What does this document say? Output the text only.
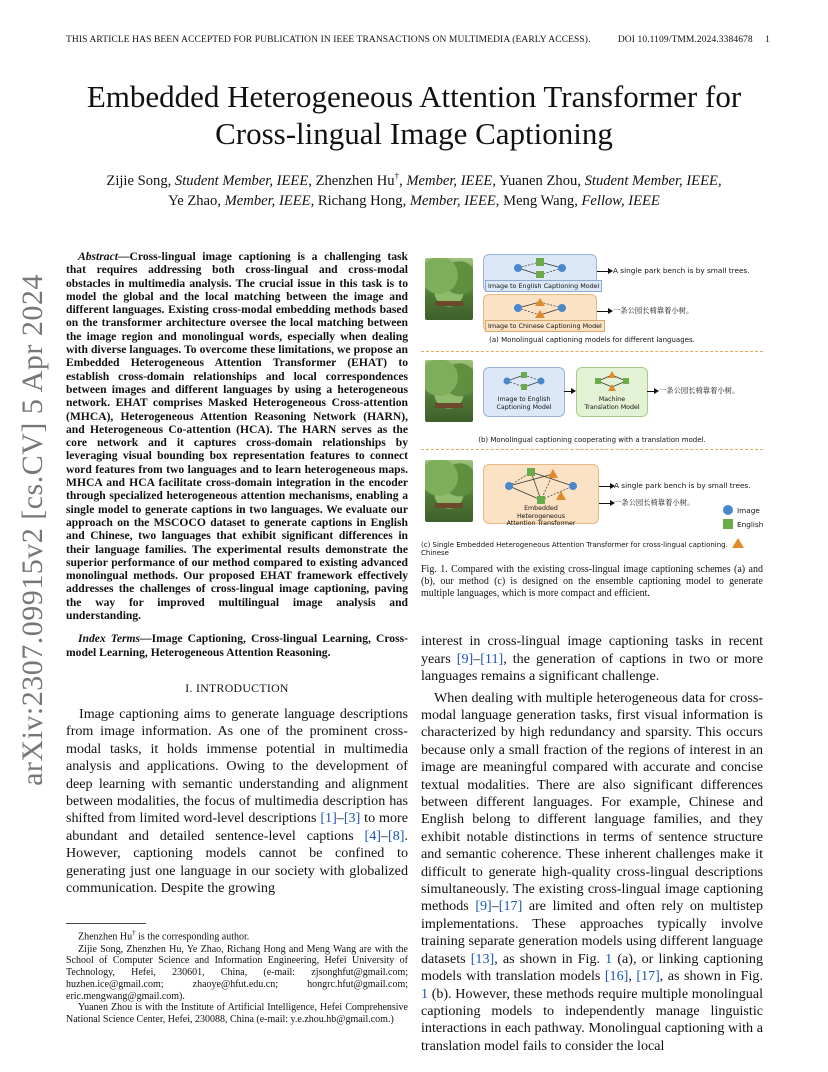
THIS ARTICLE HAS BEEN ACCEPTED FOR PUBLICATION IN IEEE TRANSACTIONS ON MULTIMEDIA (EARLY ACCESS).	DOI 10.1109/TMM.2024.3384678 1
arXiv:2307.09915v2 [cs.CV] 5 Apr 2024
Embedded Heterogeneous Attention Transformer for
Cross-lingual Image Captioning
Zijie Song, Student Member, IEEE, Zhenzhen Hu†, Member, IEEE, Yuanen Zhou, Student Member, IEEE,
Ye Zhao, Member, IEEE, Richang Hong, Member, IEEE, Meng Wang, Fellow, IEEE

Abstract—Cross-lingual image captioning is a challenging task that requires addressing both cross-lingual and cross-modal obstacles in multimedia analysis. The crucial issue in this task is to model the global and the local matching between the image and different languages. Existing cross-modal embedding methods based on the transformer architecture oversee the local matching between the image region and monolingual words, especially when dealing with diverse languages. To overcome these limitations, we propose an Embedded Heterogeneous Attention Transformer (EHAT) to establish cross-domain relationships and local correspondences between images and different languages by using a heterogeneous network. EHAT comprises Masked Heterogeneous Cross-attention (MHCA), Heterogeneous Attention Reasoning Network (HARN), and Heterogeneous Co-attention (HCA). The HARN serves as the core network and it captures cross-domain relationships by leveraging visual bounding box representation features to connect word features from two languages and to learn heterogeneous maps. MHCA and HCA facilitate cross-domain integration in the encoder through specialized heterogeneous attention mechanisms, enabling a single model to generate captions in two languages. We evaluate our approach on the MSCOCO dataset to generate captions in English and Chinese, two languages that exhibit significant differences in their language families. The experimental results demonstrate the superior performance of our method compared to existing advanced monolingual methods. Our proposed EHAT framework effectively addresses the challenges of cross-lingual image captioning, paving the way for improved multilingual image analysis and understanding.

Index Terms—Image Captioning, Cross-lingual Learning, Cross-model Learning, Heterogeneous Attention Reasoning.

I. INTRODUCTION

Image captioning aims to generate language descriptions from image information. As one of the prominent cross-modal tasks, it holds immense potential in multimedia analysis and applications. Owing to the development of deep learning with semantic understanding and alignment between modalities, the focus of multimedia description has shifted from limited word-level descriptions [1]–[3] to more abundant and detailed sentence-level captions [4]–[8]. However, captioning models cannot be confined to generating just one language in our society with globalized communication. Despite the growing

Zhenzhen Hu† is the corresponding author.

Zijie Song, Zhenzhen Hu, Ye Zhao, Richang Hong and Meng Wang are with the School of Computer Science and Information Engineering, Hefei University of Technology, Hefei, 230601, China, (e-mail: zjsonghfut@gmail.com; huzhen.ice@gmail.com; zhaoye@hfut.edu.cn; hongrc.hfut@gmail.com; eric.mengwang@gmail.com).

Yuanen Zhou is with the Institute of Artificial Intelligence, Hefei Comprehensive National Science Center, Hefei, 230088, China (e-mail: y.e.zhou.hb@gmail.com.)

Image to English Captioning Model
A single park bench is by small trees.
Image to Chinese Captioning Model
一条公园长椅靠着小树。
(a) Monolingual captioning models for different languages.
Image to English Captioning Model
Machine Translation Model
一条公园长椅靠着小树。
(b) Monolingual captioning cooperating with a translation model.
Embedded Heterogeneous Attention Transformer
A single park bench is by small trees.
一条公园长椅靠着小树。
Image
English
(c) Single Embedded Heterogeneous Attention Transformer for cross-lingual captioning. Chinese

Fig. 1. Compared with the existing cross-lingual image captioning schemes (a) and (b), our method (c) is designed on the ensemble captioning model to generate multiple languages, which is more compact and efficient.

interest in cross-lingual image captioning tasks in recent years [9]–[11], the generation of captions in two or more languages remains a significant challenge.

When dealing with multiple heterogeneous data for cross-modal language generation tasks, first visual information is characterized by high redundancy and sparsity. This occurs because only a small fraction of the regions of interest in an image are meaningful compared with accurate and concise textual modalities. There are also significant differences between different languages. For example, Chinese and English belong to different language families, and they exhibit notable distinctions in terms of sentence structure and semantic coherence. These inherent challenges make it difficult to generate high-quality cross-lingual descriptions simultaneously. The existing cross-lingual image captioning methods [9]–[17] are limited and often rely on multistep implementations. These approaches typically involve training separate generation models using different language datasets [13], as shown in Fig. 1 (a), or linking captioning models with translation models [16], [17], as shown in Fig. 1 (b). However, these methods require multiple monolingual captioning models to independently manage linguistic interactions in each pathway. Monolingual captioning with a translation model fails to consider the local
